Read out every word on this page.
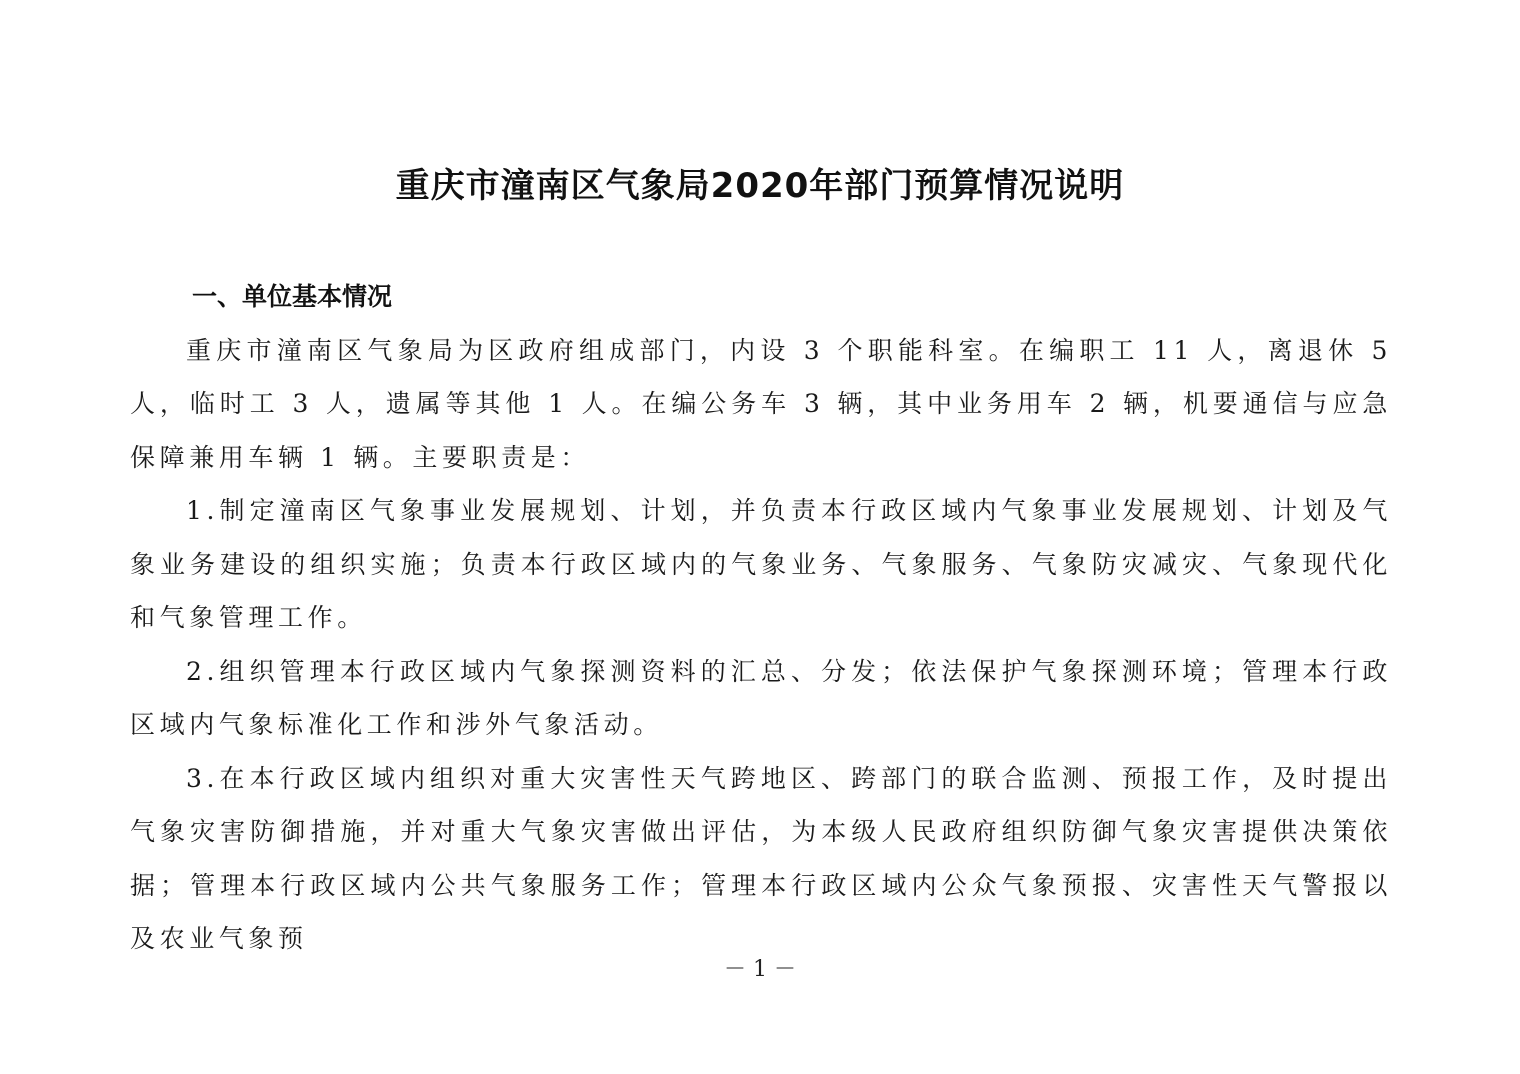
重庆市潼南区气象局2020年部门预算情况说明
一、单位基本情况

重庆市潼南区气象局为区政府组成部门，内设 3 个职能科室。在编职工 11 人，离退休 5 人，临时工 3 人，遗属等其他 1 人。在编公务车 3 辆，其中业务用车 2 辆，机要通信与应急保障兼用车辆 1 辆。主要职责是：

1.制定潼南区气象事业发展规划、计划，并负责本行政区域内气象事业发展规划、计划及气象业务建设的组织实施；负责本行政区域内的气象业务、气象服务、气象防灾减灾、气象现代化和气象管理工作。

2.组织管理本行政区域内气象探测资料的汇总、分发；依法保护气象探测环境；管理本行政区域内气象标准化工作和涉外气象活动。

3.在本行政区域内组织对重大灾害性天气跨地区、跨部门的联合监测、预报工作，及时提出气象灾害防御措施，并对重大气象灾害做出评估，为本级人民政府组织防御气象灾害提供决策依据；管理本行政区域内公共气象服务工作；管理本行政区域内公众气象预报、灾害性天气警报以及农业气象预

－ 1 －
